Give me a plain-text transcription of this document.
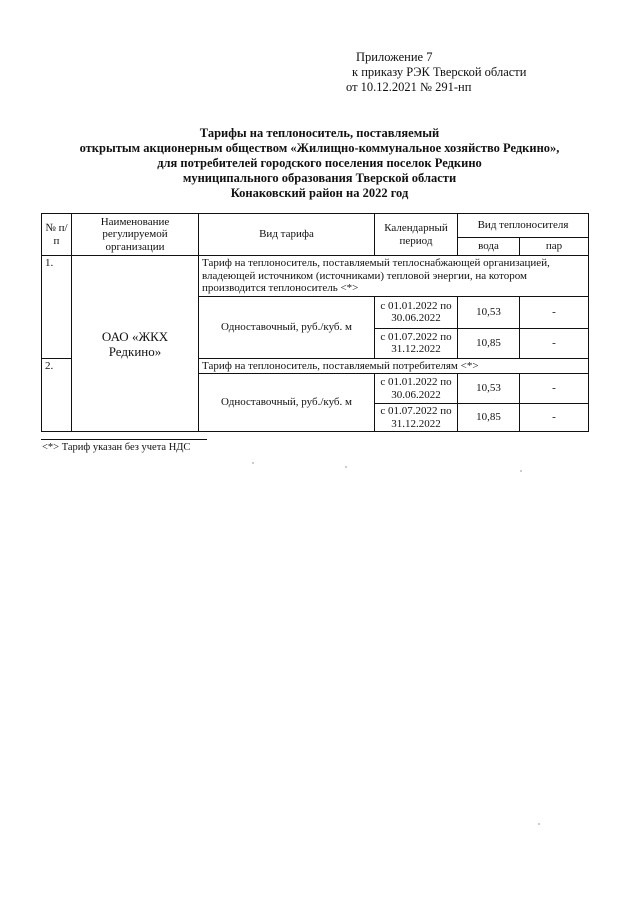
Приложение 7
к приказу РЭК Тверской области
от 10.12.2021 № 291-нп
Тарифы на теплоноситель, поставляемый
открытым акционерным обществом «Жилищно-коммунальное хозяйство Редкино»,
для потребителей городского поселения поселок Редкино
муниципального образования Тверской области
Конаковский район на 2022 год
№ п/п	Наименование регулируемой организации	Вид тарифа	Календарный период	Вид теплоносителя	
				вода	пар
1.	ОАО «ЖКХ Редкино»	Тариф на теплоноситель, поставляемый теплоснабжающей организацией, владеющей источником (источниками) тепловой энергии, на котором производится теплоноситель <*>			
		Одноставочный, руб./куб. м	с 01.01.2022 по 30.06.2022	10,53	-
			с 01.07.2022 по 31.12.2022	10,85	-
2.		Тариф на теплоноситель, поставляемый потребителям <*>			
		Одноставочный, руб./куб. м	с 01.01.2022 по 30.06.2022	10,53	-
			с 01.07.2022 по 31.12.2022	10,85	-
<*> Тариф указан без учета НДС
